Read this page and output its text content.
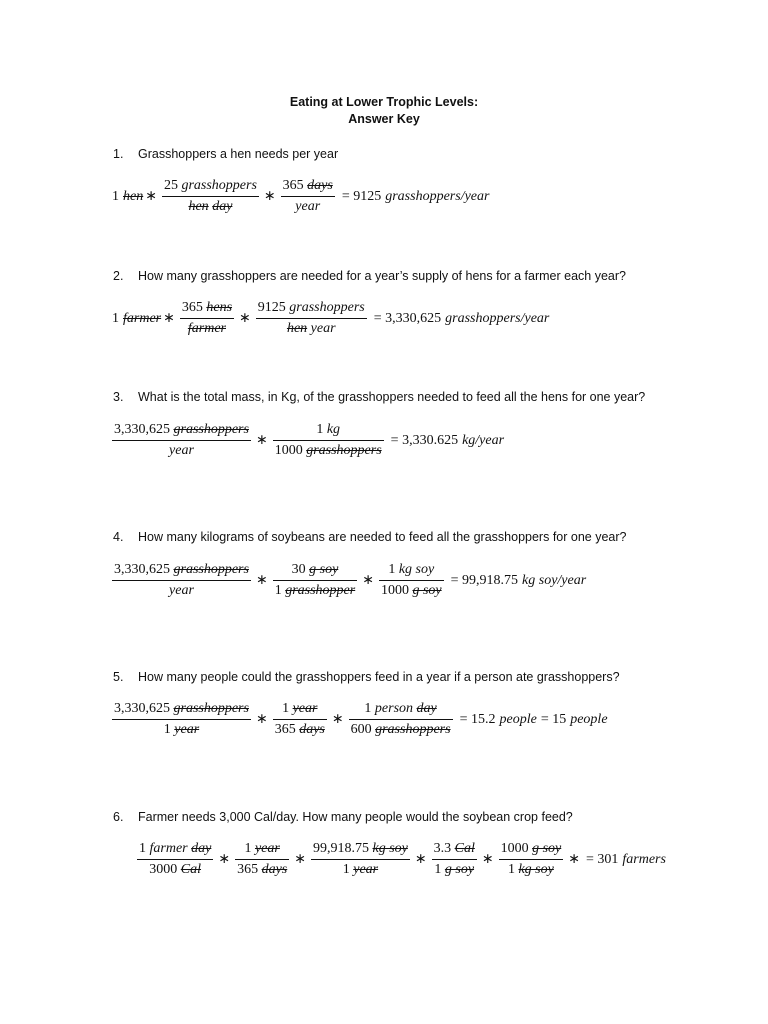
Eating at Lower Trophic Levels:
Answer Key
1. Grasshoppers a hen needs per year
1 hen ∗ $\frac{\text{25 grasshoppers}}{\text{hen day}}$ ∗ $\frac{\text{365 days}}{\text{year}} = 9125$ grasshoppers/year
2. How many grasshoppers are needed for a year’s supply of hens for a farmer each year?
1 farmer ∗ $\frac{\text{365 hens}}{\text{farmer}}$ ∗ $\frac{\text{9125 grasshoppers}}{\text{hen year}} = 3,330,625$ grasshoppers/year
3. What is the total mass, in Kg, of the grasshoppers needed to feed all the hens for one year?
$\frac{\text{3,330,625 grasshoppers}}{\text{year}}$ ∗ $\frac{1 kg}{\text{1000 grasshoppers}} = 3,330.625$ kg/year
4. How many kilograms of soybeans are needed to feed all the grasshoppers for one year?
$\frac{\text{3,330,625 grasshoppers}}{\text{year}}$ ∗ $\frac{\text{30 g soy}}{\text{1 grasshopper}}$ ∗ $\frac{\text{1 kg soy}}{\text{1000 g soy}} = 99,918.75$ kg soy/year
5. How many people could the grasshoppers feed in a year if a person ate grasshoppers?
$\frac{\text{3,330,625 grasshoppers}}{\text{1 year}}$ ∗ $\frac{\text{1 year}}{\text{365 days}}$ ∗ $\frac{\text{1 person day}}{\text{600 grasshoppers}} = 15.2$ people = 15 people
6. Farmer needs 3,000 Cal/day. How many people would the soybean crop feed?
$\frac{\text{1 farmer day}}{\text{3000 Cal}}$ ∗ $\frac{\text{1 year}}{\text{365 days}}$ ∗ $\frac{\text{99,918.75 kg soy}}{\text{1 year}}$ ∗ $\frac{\text{3.3 Cal}}{\text{1 g soy}}$ ∗ $\frac{\text{1000 g soy}}{\text{1 kg soy}}$ ∗ = 301 farmers
